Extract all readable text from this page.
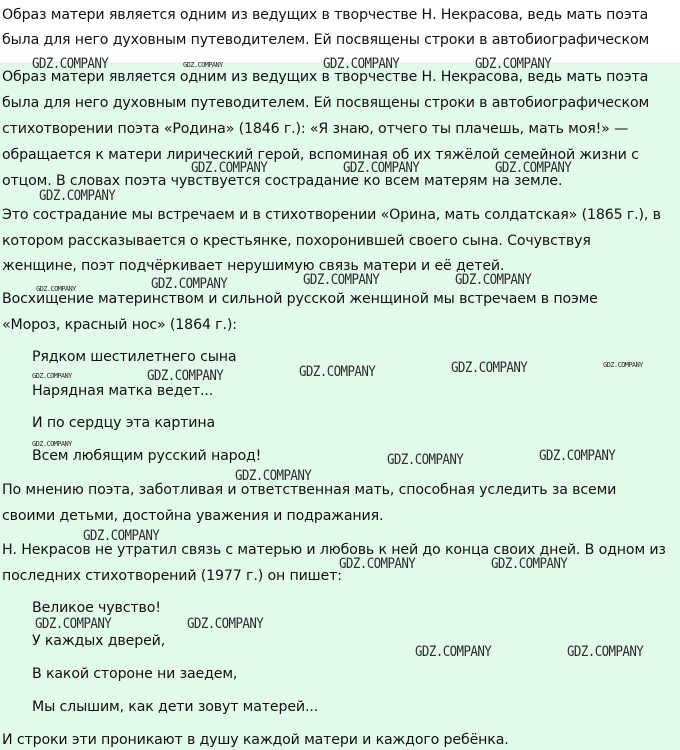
Образ матери является одним из ведущих в творчестве Н. Некрасова, ведь мать поэта
была для него духовным путеводителем. Ей посвящены строки в автобиографическом
Образ матери является одним из ведущих в творчестве Н. Некрасова, ведь мать поэта
была для него духовным путеводителем. Ей посвящены строки в автобиографическом
стихотворении поэта «Родина» (1846 г.): «Я знаю, отчего ты плачешь, мать моя!» —
обращается к матери лирический герой, вспоминая об их тяжёлой семейной жизни с
отцом. В словах поэта чувствуется сострадание ко всем матерям на земле.
Это сострадание мы встречаем и в стихотворении «Орина, мать солдатская» (1865 г.), в
котором рассказывается о крестьянке, похоронившей своего сына. Сочувствуя
женщине, поэт подчёркивает нерушимую связь матери и её детей.
Восхищение материнством и сильной русской женщиной мы встречаем в поэме
«Мороз, красный нос» (1864 г.):
Рядком шестилетнего сына
Нарядная матка ведет...
И по сердцу эта картина
Всем любящим русский народ!
По мнению поэта, заботливая и ответственная мать, способная уследить за всеми
своими детьми, достойна уважения и подражания.
Н. Некрасов не утратил связь с матерью и любовь к ней до конца своих дней. В одном из
последних стихотворений (1977 г.) он пишет:
Великое чувство!
У каждых дверей,
В какой стороне ни заедем,
Мы слышим, как дети зовут матерей...
И строки эти проникают в душу каждой матери и каждого ребёнка.
GDZ.COMPANY	GDZ.COMPANY	GDZ.COMPANY	GDZ.COMPANY
GDZ.COMPANY	GDZ.COMPANY	GDZ.COMPANY
GDZ.COMPANY
GDZ.COMPANY	GDZ.COMPANY
GDZ.COMPANY
GDZ.COMPANY
GDZ.COMPANY	GDZ.COMPANY	GDZ.COMPANY
GDZ.COMPANY
GDZ.COMPANY
GDZ.COMPANY
GDZ.COMPANY
GDZ.COMPANY
GDZ.COMPANY
GDZ.COMPANY
GDZ.COMPANY	GDZ.COMPANY
GDZ.COMPANY	GDZ.COMPANY
GDZ.COMPANY	GDZ.COMPANY
